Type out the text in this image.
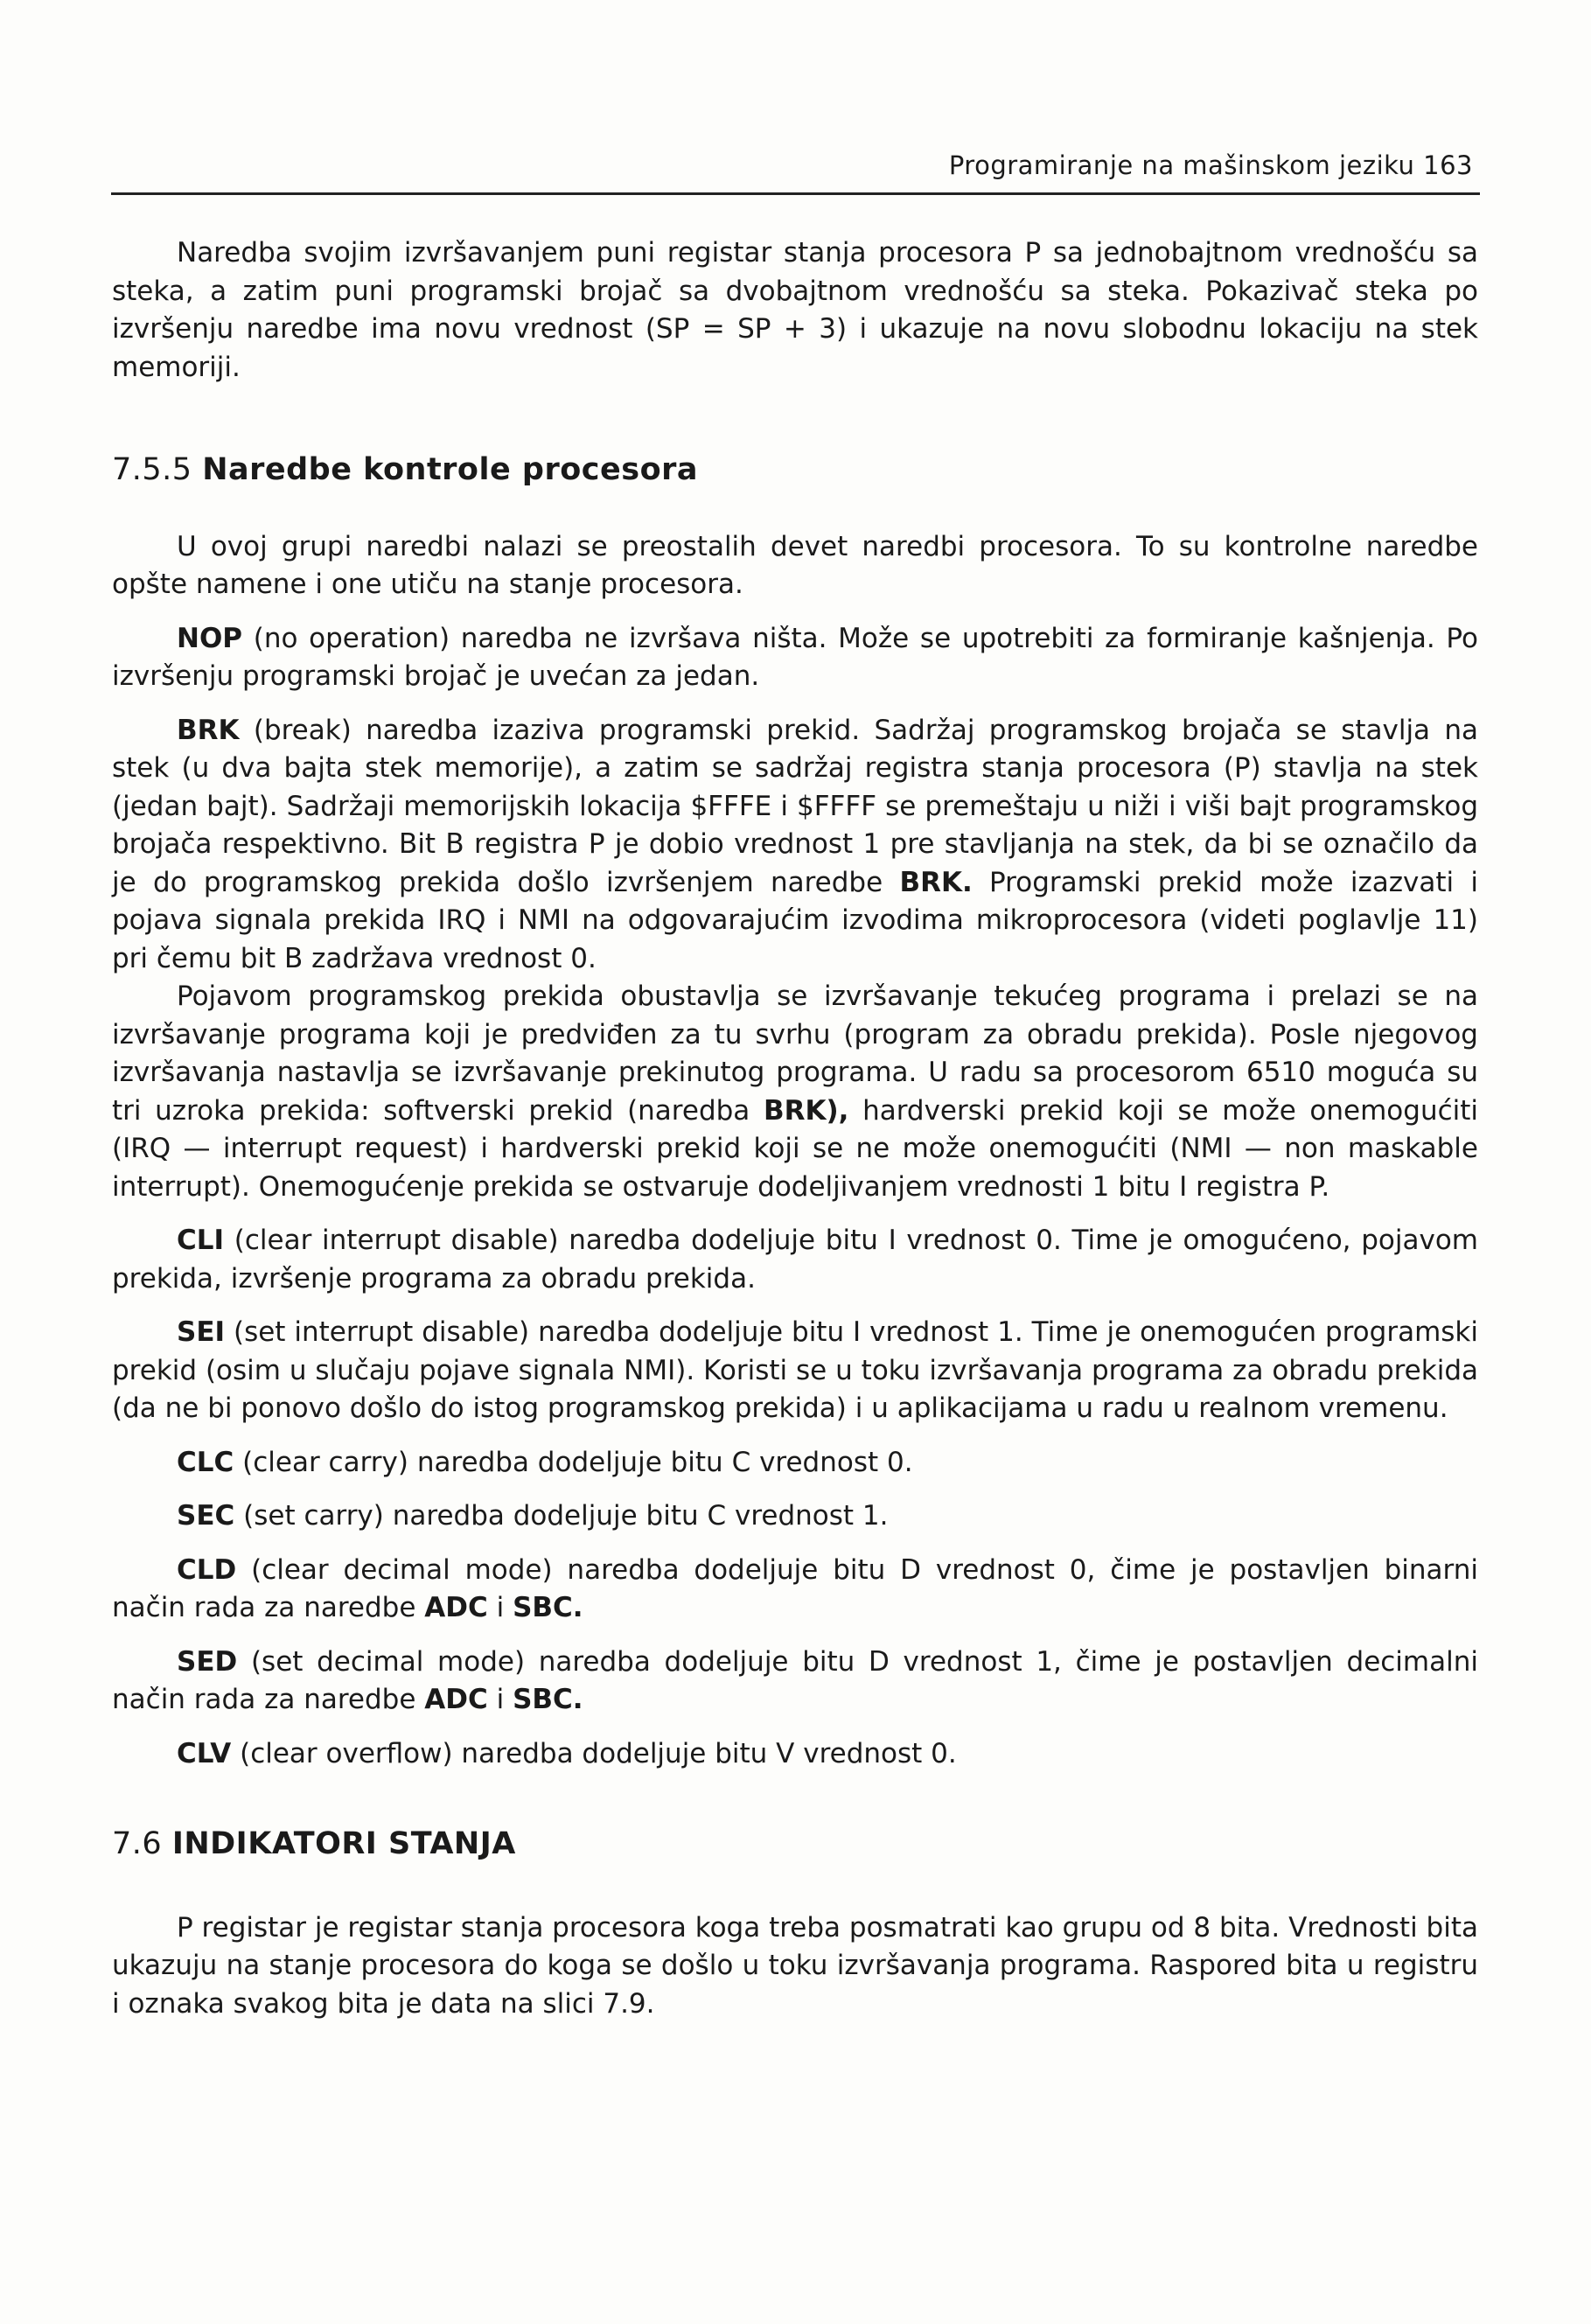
Programiranje na mašinskom jeziku 163

Naredba svojim izvršavanjem puni registar stanja procesora P sa jednobajtnom vrednošću sa steka, a zatim puni programski brojač sa dvobajtnom vrednošću sa steka. Pokazivač steka po izvršenju naredbe ima novu vrednost (SP = SP + 3) i ukazuje na novu slobodnu lokaciju na stek memoriji.

7.5.5 Naredbe kontrole procesora

U ovoj grupi naredbi nalazi se preostalih devet naredbi procesora. To su kontrolne naredbe opšte namene i one utiču na stanje procesora.

NOP (no operation) naredba ne izvršava ništa. Može se upotrebiti za formiranje kašnjenja. Po izvršenju programski brojač je uvećan za jedan.

BRK (break) naredba izaziva programski prekid. Sadržaj programskog brojača se stavlja na stek (u dva bajta stek memorije), a zatim se sadržaj registra stanja procesora (P) stavlja na stek (jedan bajt). Sadržaji memorijskih lokacija $FFFE i $FFFF se premeštaju u niži i viši bajt programskog brojača respektivno. Bit B registra P je dobio vrednost 1 pre stavljanja na stek, da bi se označilo da je do programskog prekida došlo izvršenjem naredbe BRK. Programski prekid može izazvati i pojava signala prekida IRQ i NMI na odgovarajućim izvodima mikroprocesora (videti poglavlje 11) pri čemu bit B zadržava vrednost 0.

Pojavom programskog prekida obustavlja se izvršavanje tekućeg programa i prelazi se na izvršavanje programa koji je predviđen za tu svrhu (program za obradu prekida). Posle njegovog izvršavanja nastavlja se izvršavanje prekinutog programa. U radu sa procesorom 6510 moguća su tri uzroka prekida: softverski prekid (naredba BRK), hardverski prekid koji se može onemogućiti (IRQ — interrupt request) i hardverski prekid koji se ne može onemogućiti (NMI — non maskable interrupt). Onemogućenje prekida se ostvaruje dodeljivanjem vrednosti 1 bitu I registra P.

CLI (clear interrupt disable) naredba dodeljuje bitu I vrednost 0. Time je omogućeno, pojavom prekida, izvršenje programa za obradu prekida.

SEI (set interrupt disable) naredba dodeljuje bitu I vrednost 1. Time je onemogućen programski prekid (osim u slučaju pojave signala NMI). Koristi se u toku izvršavanja programa za obradu prekida (da ne bi ponovo došlo do istog programskog prekida) i u aplikacijama u radu u realnom vremenu.

CLC (clear carry) naredba dodeljuje bitu C vrednost 0.

SEC (set carry) naredba dodeljuje bitu C vrednost 1.

CLD (clear decimal mode) naredba dodeljuje bitu D vrednost 0, čime je postavljen binarni način rada za naredbe ADC i SBC.

SED (set decimal mode) naredba dodeljuje bitu D vrednost 1, čime je postavljen decimalni način rada za naredbe ADC i SBC.

CLV (clear overflow) naredba dodeljuje bitu V vrednost 0.

7.6 INDIKATORI STANJA

P registar je registar stanja procesora koga treba posmatrati kao grupu od 8 bita. Vrednosti bita ukazuju na stanje procesora do koga se došlo u toku izvršavanja programa. Raspored bita u registru i oznaka svakog bita je data na slici 7.9.
